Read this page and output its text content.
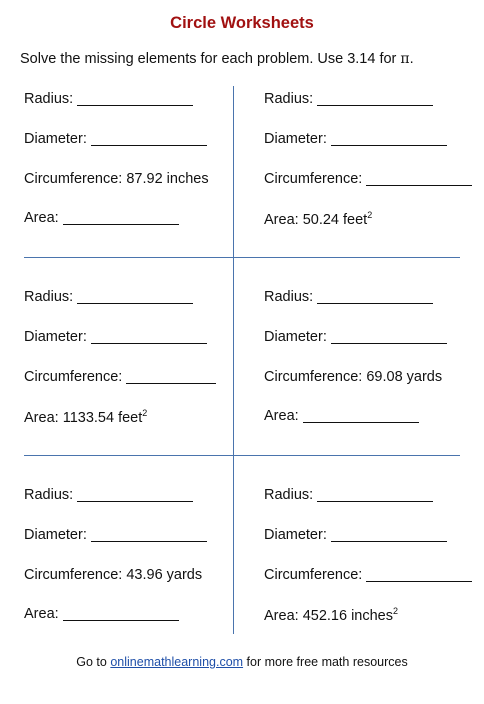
Circle Worksheets
Solve the missing elements for each problem. Use 3.14 for π.
Radius:
Diameter:
Circumference: 87.92 inches
Area:
Radius:
Diameter:
Circumference:
Area: 50.24 feet$^2$
Radius:
Diameter:
Circumference:
Area: 1133.54 feet$^2$
Radius:
Diameter:
Circumference: 69.08 yards
Area:
Radius:
Diameter:
Circumference: 43.96 yards
Area:
Radius:
Diameter:
Circumference:
Area: 452.16 inches$^2$
Go to onlinemathlearning.com for more free math resources
